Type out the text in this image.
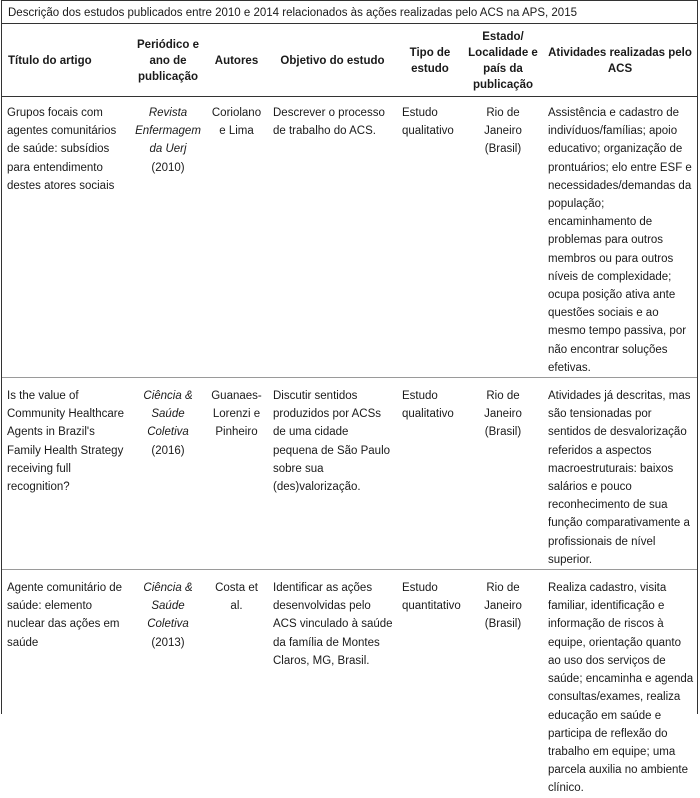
Descrição dos estudos publicados entre 2010 e 2014 relacionados às ações realizadas pelo ACS na APS, 2015
Título do artigo	Periódico e ano de publicação	Autores	Objetivo do estudo	Tipo de estudo	Estado/ Localidade e país da publicação	Atividades realizadas pelo ACS
Grupos focais com agentes comunitários de saúde: subsídios para entendimento destes atores sociais	Revista Enfermagem da Uerj (2010)	Coriolano e Lima	Descrever o processo de trabalho do ACS.	Estudo qualitativo	Rio de Janeiro (Brasil)	Assistência e cadastro de indivíduos/famílias; apoio educativo; organização de prontuários; elo entre ESF e necessidades/demandas da população; encaminhamento de problemas para outros membros ou para outros níveis de complexidade; ocupa posição ativa ante questões sociais e ao mesmo tempo passiva, por não encontrar soluções efetivas.
Is the value of Community Healthcare Agents in Brazil's Family Health Strategy receiving full recognition?	Ciência & Saúde Coletiva (2016)	Guanaes-Lorenzi e Pinheiro	Discutir sentidos produzidos por ACSs de uma cidade pequena de São Paulo sobre sua (des)valorização.	Estudo qualitativo	Rio de Janeiro (Brasil)	Atividades já descritas, mas são tensionadas por sentidos de desvalorização referidos a aspectos macroestruturais: baixos salários e pouco reconhecimento de sua função comparativamente a profissionais de nível superior.
Agente comunitário de saúde: elemento nuclear das ações em saúde	Ciência & Saúde Coletiva (2013)	Costa et al.	Identificar as ações desenvolvidas pelo ACS vinculado à saúde da família de Montes Claros, MG, Brasil.	Estudo quantitativo	Rio de Janeiro (Brasil)	Realiza cadastro, visita familiar, identificação e informação de riscos à equipe, orientação quanto ao uso dos serviços de saúde; encaminha e agenda consultas/exames, realiza educação em saúde e participa de reflexão do trabalho em equipe; uma parcela auxilia no ambiente clínico.
